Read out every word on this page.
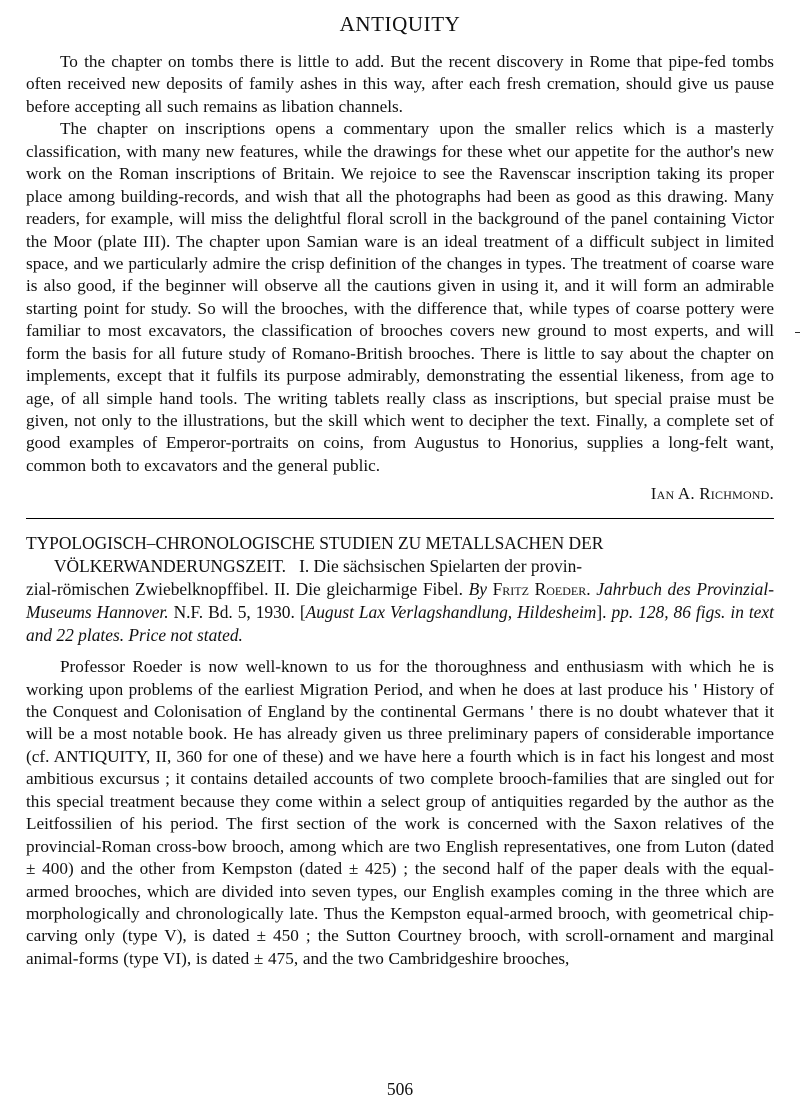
ANTIQUITY

To the chapter on tombs there is little to add. But the recent discovery in Rome that pipe-fed tombs often received new deposits of family ashes in this way, after each fresh cremation, should give us pause before accepting all such remains as libation channels.

The chapter on inscriptions opens a commentary upon the smaller relics which is a masterly classification, with many new features, while the drawings for these whet our appetite for the author's new work on the Roman inscriptions of Britain. We rejoice to see the Ravenscar inscription taking its proper place among building-records, and wish that all the photographs had been as good as this drawing. Many readers, for example, will miss the delightful floral scroll in the background of the panel containing Victor the Moor (plate III). The chapter upon Samian ware is an ideal treatment of a difficult subject in limited space, and we particularly admire the crisp definition of the changes in types. The treatment of coarse ware is also good, if the beginner will observe all the cautions given in using it, and it will form an admirable starting point for study. So will the brooches, with the difference that, while types of coarse pottery were familiar to most excavators, the classification of brooches covers new ground to most experts, and will form the basis for all future study of Romano-British brooches. There is little to say about the chapter on implements, except that it fulfils its purpose admirably, demonstrating the essential likeness, from age to age, of all simple hand tools. The writing tablets really class as inscriptions, but special praise must be given, not only to the illustrations, but the skill which went to decipher the text. Finally, a complete set of good examples of Emperor-portraits on coins, from Augustus to Honorius, supplies a long-felt want, common both to excavators and the general public.

Ian A. Richmond.

TYPOLOGISCH–CHRONOLOGISCHE STUDIEN ZU METALLSACHEN DER
VÖLKERWANDERUNGSZEIT. I. Die sächsischen Spielarten der provin-
zial-römischen Zwiebelknopffibel. II. Die gleicharmige Fibel. By Fritz Roeder. Jahrbuch des Provinzial-Museums Hannover. N.F. Bd. 5, 1930. [August Lax Verlagshandlung, Hildesheim]. pp. 128, 86 figs. in text and 22 plates. Price not stated.

Professor Roeder is now well-known to us for the thoroughness and enthusiasm with which he is working upon problems of the earliest Migration Period, and when he does at last produce his ' History of the Conquest and Colonisation of England by the continental Germans ' there is no doubt whatever that it will be a most notable book. He has already given us three preliminary papers of considerable importance (cf. ANTIQUITY, II, 360 for one of these) and we have here a fourth which is in fact his longest and most ambitious excursus ; it contains detailed accounts of two complete brooch-families that are singled out for this special treatment because they come within a select group of antiquities regarded by the author as the Leitfossilien of his period. The first section of the work is concerned with the Saxon relatives of the provincial-Roman cross-bow brooch, among which are two English representatives, one from Luton (dated ± 400) and the other from Kempston (dated ± 425) ; the second half of the paper deals with the equal-armed brooches, which are divided into seven types, our English examples coming in the three which are morphologically and chronologically late. Thus the Kempston equal-armed brooch, with geometrical chip-carving only (type V), is dated ± 450 ; the Sutton Courtney brooch, with scroll-ornament and marginal animal-forms (type VI), is dated ± 475, and the two Cambridgeshire brooches,

506
